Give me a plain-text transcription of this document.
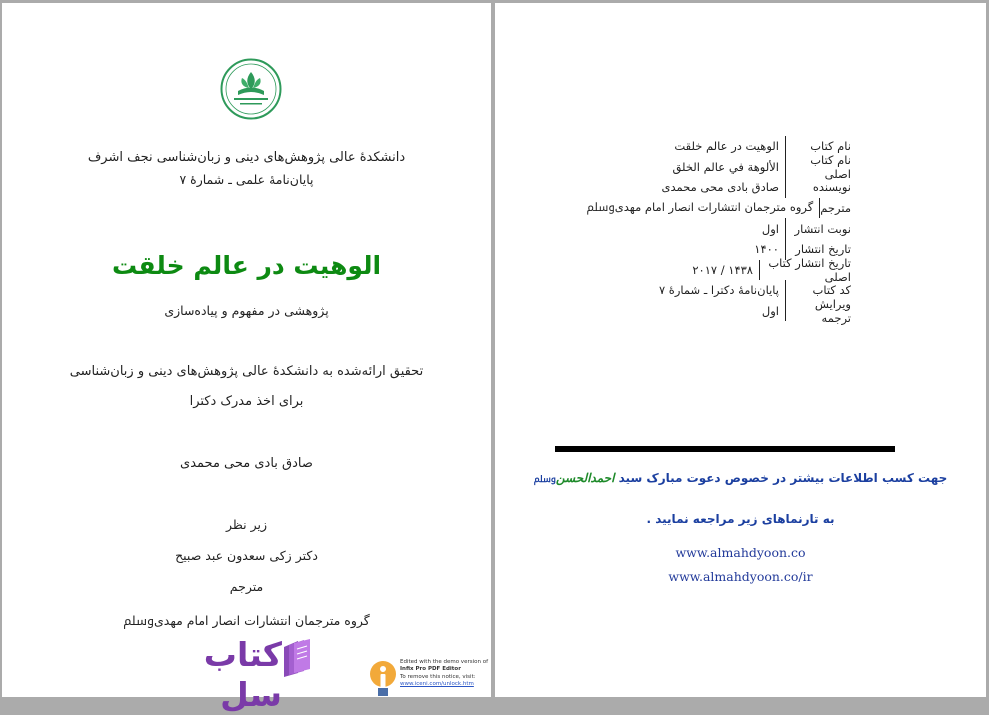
دانشکدهٔ عالی پژوهش‌های دینی و زبان‌شناسی نجف اشرف
پایان‌نامهٔ علمی ـ شمارهٔ ۷
الوهیت در عالم خلقت
پژوهشی در مفهوم و پیاده‌سازی
تحقیق ارائه‌شده به دانشکدهٔ عالی پژوهش‌های دینی و زبان‌شناسی
برای اخذ مدرک دکترا
صادق بادی محی محمدی
زیر نظر
دکتر زکی سعدون عبد صبیح
مترجم
گروه مترجمان انتشارات انصار امام مهدیﷸ
کتاب سل
Edited with the demo version of
Infix Pro PDF Editor
To remove this notice, visit:
www.iceni.com/unlock.htm
نام کتاب
الوهیت در عالم خلقت
نام کتاب اصلی
الألوهة في عالم الخلق
نویسنده
صادق بادی محی محمدی
مترجم
گروه مترجمان انتشارات انصار امام مهدیﷸ
نوبت انتشار
اول
تاریخ انتشار
۱۴۰۰
تاریخ انتشار کتاب اصلی
۱۴۳۸ / ۲۰۱۷
کد کتاب
پایان‌نامهٔ دکترا ـ شمارهٔ ۷
ویرایش ترجمه
اول
جهت کسب اطلاعات بیشتر در خصوص دعوت مبارک سید احمدالحسنﷸ
به تارنماهای زیر مراجعه نمایید .
www.almahdyoon.co
www.almahdyoon.co/ir
